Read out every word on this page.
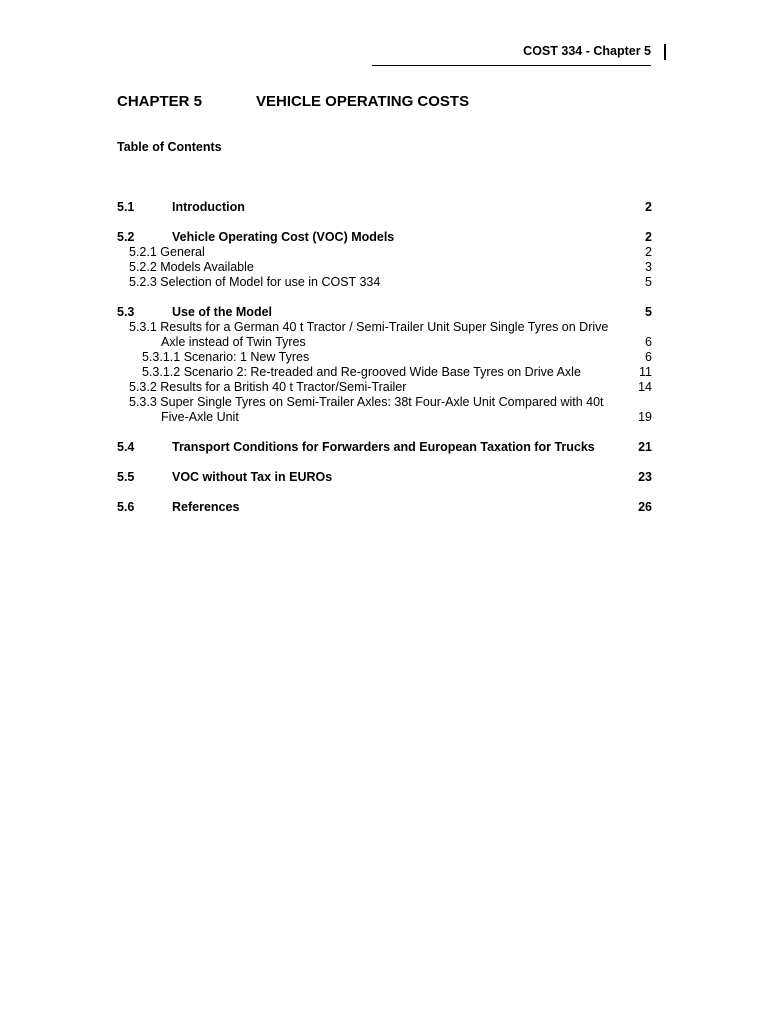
COST 334 - Chapter 5
CHAPTER 5	VEHICLE OPERATING COSTS
Table of Contents
5.1	Introduction	2
5.2	Vehicle Operating Cost (VOC) Models	2
5.2.1 General	2
5.2.2 Models Available	3
5.2.3 Selection of Model for use in COST 334	5
5.3	Use of the Model	5
5.3.1 Results for a German 40 t Tractor / Semi-Trailer Unit Super Single Tyres on Drive
Axle instead of Twin Tyres	6
5.3.1.1 Scenario: 1 New Tyres	6
5.3.1.2 Scenario 2: Re-treaded and Re-grooved Wide Base Tyres on Drive Axle	11
5.3.2 Results for a British 40 t Tractor/Semi-Trailer	14
5.3.3 Super Single Tyres on Semi-Trailer Axles: 38t Four-Axle Unit Compared with 40t
Five-Axle Unit	19
5.4	Transport Conditions for Forwarders and European Taxation for Trucks	21
5.5	VOC without Tax in EUROs	23
5.6	References	26
